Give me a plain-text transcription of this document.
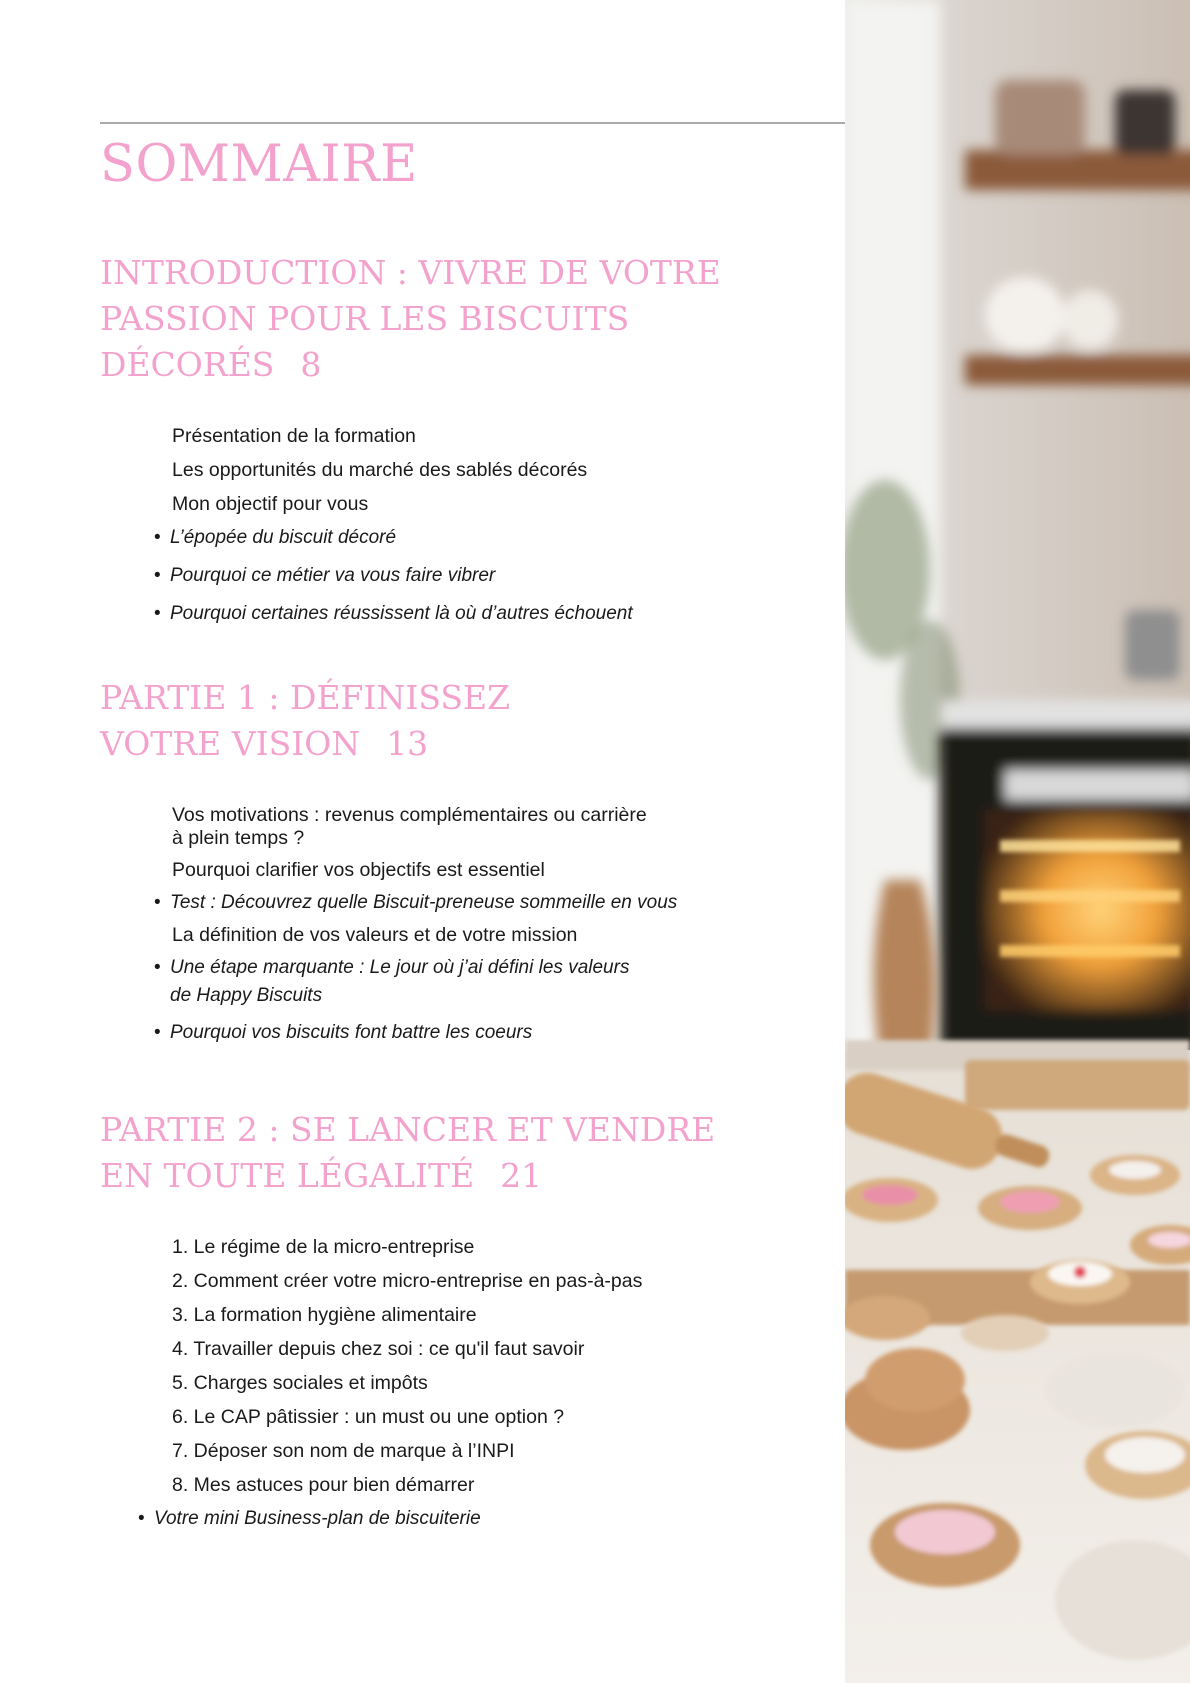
SOMMAIRE
INTRODUCTION : VIVRE DE VOTRE
PASSION POUR LES BISCUITS
DÉCORÉS 8
Présentation de la formation
Les opportunités du marché des sablés décorés
Mon objectif pour vous
• L’épopée du biscuit décoré
• Pourquoi ce métier va vous faire vibrer
• Pourquoi certaines réussissent là où d’autres échouent
PARTIE 1 : DÉFINISSEZ
VOTRE VISION 13
Vos motivations : revenus complémentaires ou carrière
à plein temps ?
Pourquoi clarifier vos objectifs est essentiel
• Test : Découvrez quelle Biscuit-preneuse sommeille en vous
La définition de vos valeurs et de votre mission
• Une étape marquante : Le jour où j’ai défini les valeurs
de Happy Biscuits
• Pourquoi vos biscuits font battre les coeurs
PARTIE 2 : SE LANCER ET VENDRE
EN TOUTE LÉGALITÉ 21
1. Le régime de la micro-entreprise
2. Comment créer votre micro-entreprise en pas-à-pas
3. La formation hygiène alimentaire
4. Travailler depuis chez soi : ce qu'il faut savoir
5. Charges sociales et impôts
6. Le CAP pâtissier : un must ou une option ?
7. Déposer son nom de marque à l’INPI
8. Mes astuces pour bien démarrer
• Votre mini Business-plan de biscuiterie
